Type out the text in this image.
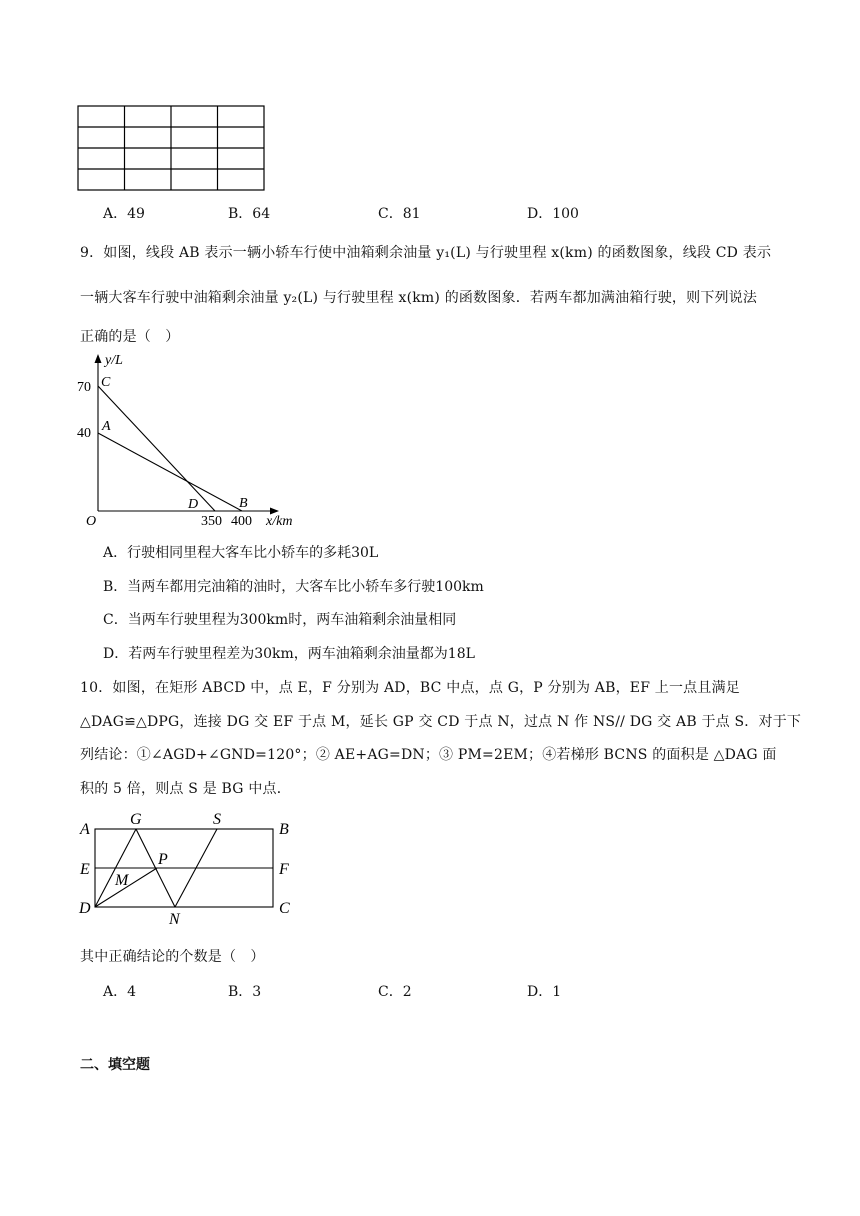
A．49	B．64	C．81	D．100
9．如图，线段 AB 表示一辆小轿车行使中油箱剩余油量 y₁(L) 与行驶里程 x(km) 的函数图象，线段 CD 表示
一辆大客车行驶中油箱剩余油量 y₂(L) 与行驶里程 x(km) 的函数图象．若两车都加满油箱行驶，则下列说法
正确的是（　）
y/L
x/km
O
70
40
C
A
D	B
350 400
A．行驶相同里程大客车比小轿车的多耗30L
B．当两车都用完油箱的油时，大客车比小轿车多行驶100km
C．当两车行驶里程为300km时，两车油箱剩余油量相同
D．若两车行驶里程差为30km，两车油箱剩余油量都为18L
10．如图，在矩形 ABCD 中，点 E，F 分别为 AD，BC 中点，点 G，P 分别为 AB，EF 上一点且满足
△DAG≌△DPG，连接 DG 交 EF 于点 M，延长 GP 交 CD 于点 N，过点 N 作 NS// DG 交 AB 于点 S．对于下
列结论：①∠AGD+∠GND=120°；② AE+AG=DN；③ PM=2EM；④若梯形 BCNS 的面积是 △DAG 面
积的 5 倍，则点 S 是 BG 中点．
A
G	S
B
E
P
F
M
D
N
C
其中正确结论的个数是（　）
A．4	B．3	C．2	D．1
二、填空题
